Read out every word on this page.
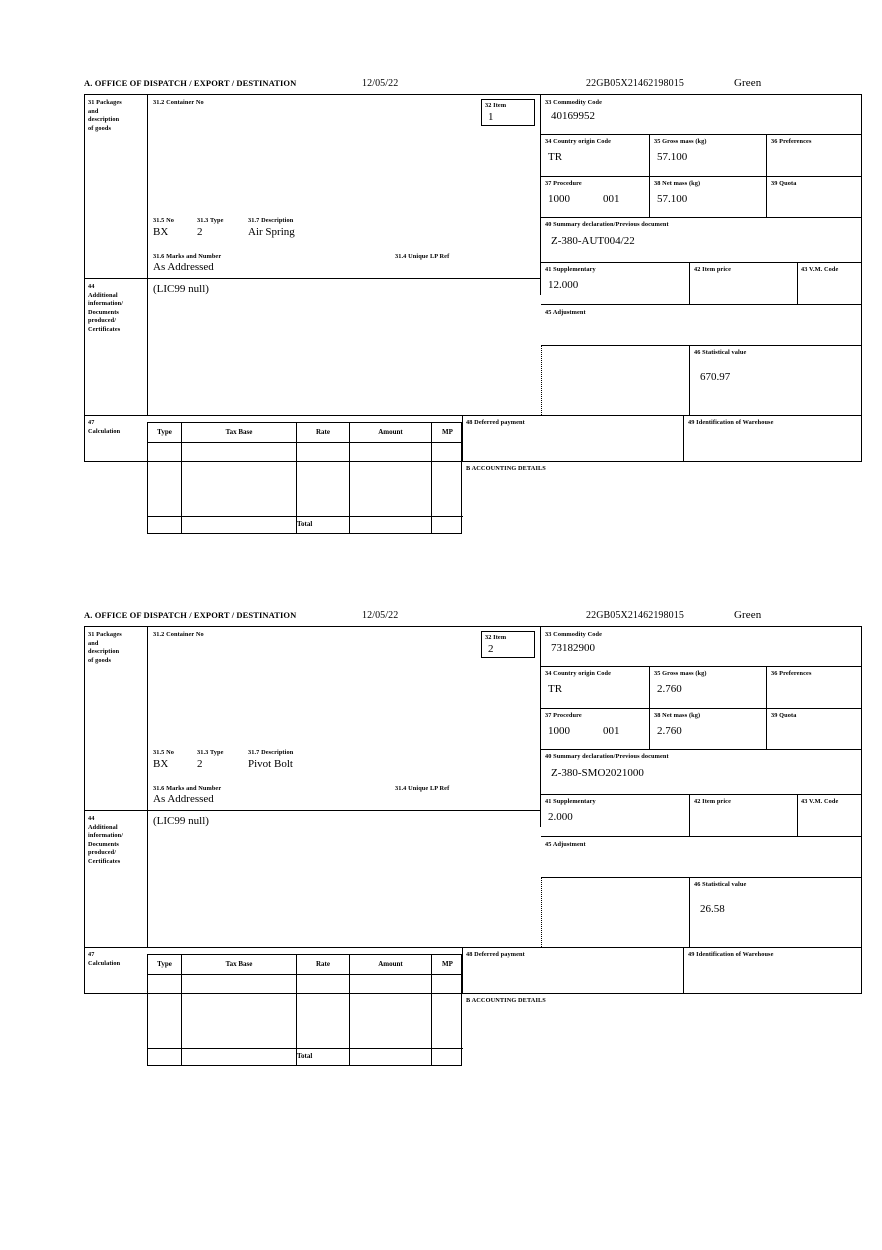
A. OFFICE OF DISPATCH / EXPORT / DESTINATION	12/05/22	22GB05X21462198015	Green
31 Packages
and
description
of goods
31.2 Container No	32 Item
1
31.5 No	31.3 Type	31.7 Description
BX	2	Air Spring
31.6 Marks and Number
As Addressed
31.4 Unique LP Ref
33 Commodity Code
40169952
34 Country origin Code
TR
35 Gross mass (kg)
57.100
36 Preferences
37 Procedure
1000	001
38 Net mass (kg)
57.100
39 Quota
40 Summary declaration/Previous document
Z-380-AUT004/22
41 Supplementary
12.000
42 Item price	43 V.M. Code
45 Adjustment
46 Statistical value
670.97
44
Additional
information/
Documents
produced/
Certificates
(LIC99 null)
47
Calculation	Type	Tax Base	Rate	Amount	MP
Total
48 Deferred payment	49 Identification of Warehouse
B ACCOUNTING DETAILS
A. OFFICE OF DISPATCH / EXPORT / DESTINATION	12/05/22	22GB05X21462198015	Green
31 Packages
and
description
of goods
31.2 Container No	32 Item
2
31.5 No	31.3 Type	31.7 Description
BX	2	Pivot Bolt
31.6 Marks and Number
As Addressed
31.4 Unique LP Ref
33 Commodity Code
73182900
34 Country origin Code
TR
35 Gross mass (kg)
2.760
36 Preferences
37 Procedure
1000	001
38 Net mass (kg)
2.760
39 Quota
40 Summary declaration/Previous document
Z-380-SMO2021000
41 Supplementary
2.000
42 Item price	43 V.M. Code
45 Adjustment
46 Statistical value
26.58
44
Additional
information/
Documents
produced/
Certificates
(LIC99 null)
47
Calculation	Type	Tax Base	Rate	Amount	MP
Total
48 Deferred payment	49 Identification of Warehouse
B ACCOUNTING DETAILS
